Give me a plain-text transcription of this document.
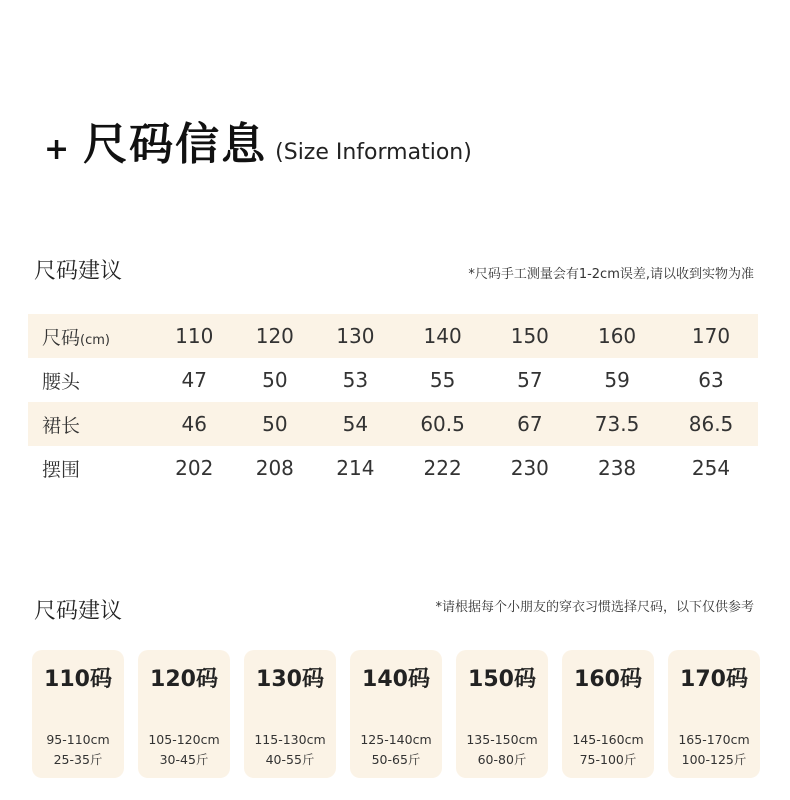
+ 尺码信息 (Size Information)
尺码建议	*尺码手工测量会有1-2cm误差,请以收到实物为准
尺码(cm)	110	120	130	140	150	160	170
腰头	47	50	53	55	57	59	63
裙长	46	50	54	60.5	67	73.5	86.5
摆围	202	208	214	222	230	238	254
尺码建议	*请根据每个小朋友的穿衣习惯选择尺码，以下仅供参考
110码
95-110cm
25-35斤
120码
105-120cm
30-45斤
130码
115-130cm
40-55斤
140码
125-140cm
50-65斤
150码
135-150cm
60-80斤
160码
145-160cm
75-100斤
170码
165-170cm
100-125斤
